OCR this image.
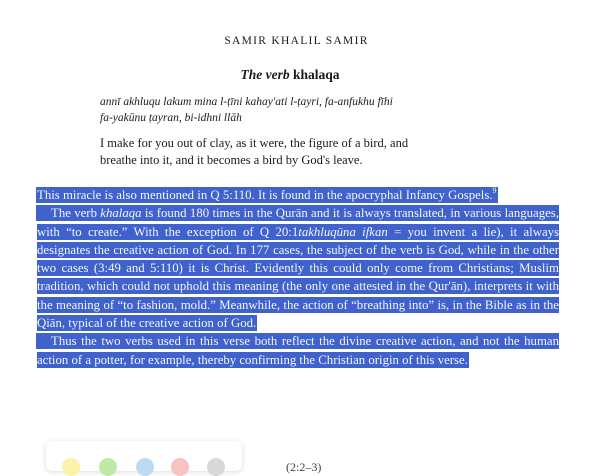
SAMIR KHALIL SAMIR
The verb khalaqa
annī akhluqu lakum mina l-ṭīni kahay'ati l-ṭayri, fa-anfukhu fīhi
fa-yakūnu ṭayran, bi-idhni llāh
I make for you out of clay, as it were, the figure of a bird, and
breathe into it, and it becomes a bird by God's leave.

This miracle is also mentioned in Q 5:110. It is found in the apocryphal Infancy Gospels.$^9$

The verb khalaqa is found 180 times in the Qurān and it is always translated, in various languages, with “to create.” With the exception of Q 20:1takhluqūna ifkan = you invent a lie), it always designates the creative action of God. In 177 cases, the subject of the verb is God, while in the other two cases (3:49 and 5:110) it is Christ. Evidently this could only come from Christians; Muslim tradition, which could not uphold this meaning (the only one attested in the Qur'ān), interprets it with the meaning of “to fashion, mold.” Meanwhile, the action of “breathing into” is, in the Bible as in the Qiān, typical of the creative action of God.

Thus the two verbs used in this verse both reflect the divine creative action, and not the human action of a potter, for example, thereby confirming the Christian origin of this verse.

(2:2–3)
